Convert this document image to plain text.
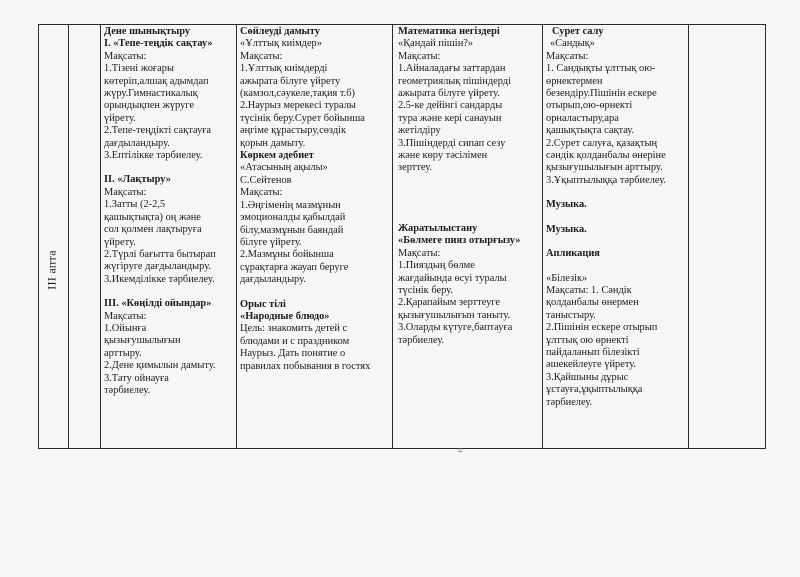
III апта

Дене шынықтыру

І. «Тепе-теңдік сақтау»

Мақсаты:

1.Тізені жоғары

көтеріп,алшақ адымдап

жүру.Гимнастикалық

орындықпен жүруге

үйрету.

2.Тепе-теңдікті сақтауға

дағдыландыру.

3.Ептілікке тәрбиелеу.

ІІ. «Лақтыру»

Мақсаты:

1.Затты (2-2,5

қашықтықта) оң және

сол қолмен лақтыруға

үйрету.

2.Түрлі бағытта бытырап

жүгіруге дағдыландыру.

3.Икемділікке тәрбиелеу.

ІІІ. «Көңілді ойындар»

Мақсаты:

1.Ойынға

қызығушылығын

арттыру.

2.Дене қимылын дамыту.

3.Тату ойнауға

тәрбиелеу.

Сөйлеуді дамыту

«Ұлттық киімдер»

Мақсаты:

1.Ұлттық киімдерді

ажырата білуге үйрету

(камзол,сәукеле,тақия т.б)

2.Наурыз мерекесі туралы

түсінік беру.Сурет бойынша

әңгіме құрастыру,сөздік

қорын дамыту.

Көркем әдебиет

«Атасының ақылы»

С.Сейтенов

Мақсаты:

1.Әңгіменің мазмұнын

эмоционалды қабылдай

білу,мазмұнын баяндай

білуге үйрету.

2.Мазмұны бойынша

сұрақтарға жауап беруге

дағдыландыру.

Орыс тілі

«Народные блюдо»

Цель: знакомить детей с

блюдами и с праздником

Наурыз. Дать понятие о

правилах побывания в гостях

Математика негіздері

«Қандай пішін?»

Мақсаты:

1.Айналадағы заттардан

геометриялық пішіндерді

ажырата білуге үйрету.

2.5-ке дейінгі сандарды

тура және кері санауын

жетілдіру

3.Пішіндерді сипап сезу

және көру тәсілімен

зерттеу.

Жаратылыстану

«Бөлмеге пияз отырғызу»

Мақсаты:

1.Пияздың бөлме

жағдайында өсуі туралы

түсінік беру.

2.Қарапайым зерттеуге

қызығушылығын таныту.

3.Оларды күтуге,баптауға

тәрбиелеу.

Сурет салу

«Сандық»

Мақсаты:

1. Сандықты ұлттық ою-

өрнектермен

безендіру.Пішінін ескере

отырып,ою-өрнекті

орналастыру,ара

қашықтықта сақтау.

2.Сурет салуға, қазақтың

сәндік қолданбалы өнеріне

қызығушылығын арттыру.

3.Ұқыптылыққа тәрбиелеу.

Музыка.

Музыка.

Апликация

«Білезік»

Мақсаты: 1. Сәндік

қолданбалы өнермен

таныстыру.

2.Пішінін ескере отырып

ұлттық ою өрнекті

пайдаланып білезікті

әшекейлеуге үйрету.

3.Қайшыны дұрыс

ұстауға,ұқыптылыққа

тәрбиелеу.

4
